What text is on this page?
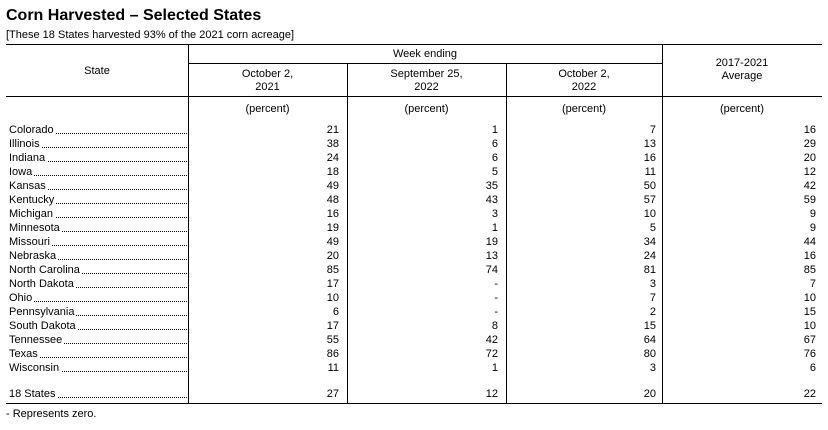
Corn Harvested – Selected States
[These 18 States harvested 93% of the 2021 corn acreage]
State
Week ending
October 2,
2021
September 25,
2022
October 2,
2022
2017-2021
Average
(percent)	(percent)	(percent)	(percent)
Colorado	21	1	7	16
Illinois	38	6	13	29
Indiana	24	6	16	20
Iowa	18	5	11	12
Kansas	49	35	50	42
Kentucky	48	43	57	59
Michigan	16	3	10	9
Minnesota	19	1	5	9
Missouri	49	19	34	44
Nebraska	20	13	24	16
North Carolina	85	74	81	85
North Dakota	17	-	3	7
Ohio	10	-	7	10
Pennsylvania	6	-	2	15
South Dakota	17	8	15	10
Tennessee	55	42	64	67
Texas	86	72	80	76
Wisconsin	11	1	3	6
18 States	27	12	20	22
- Represents zero.
